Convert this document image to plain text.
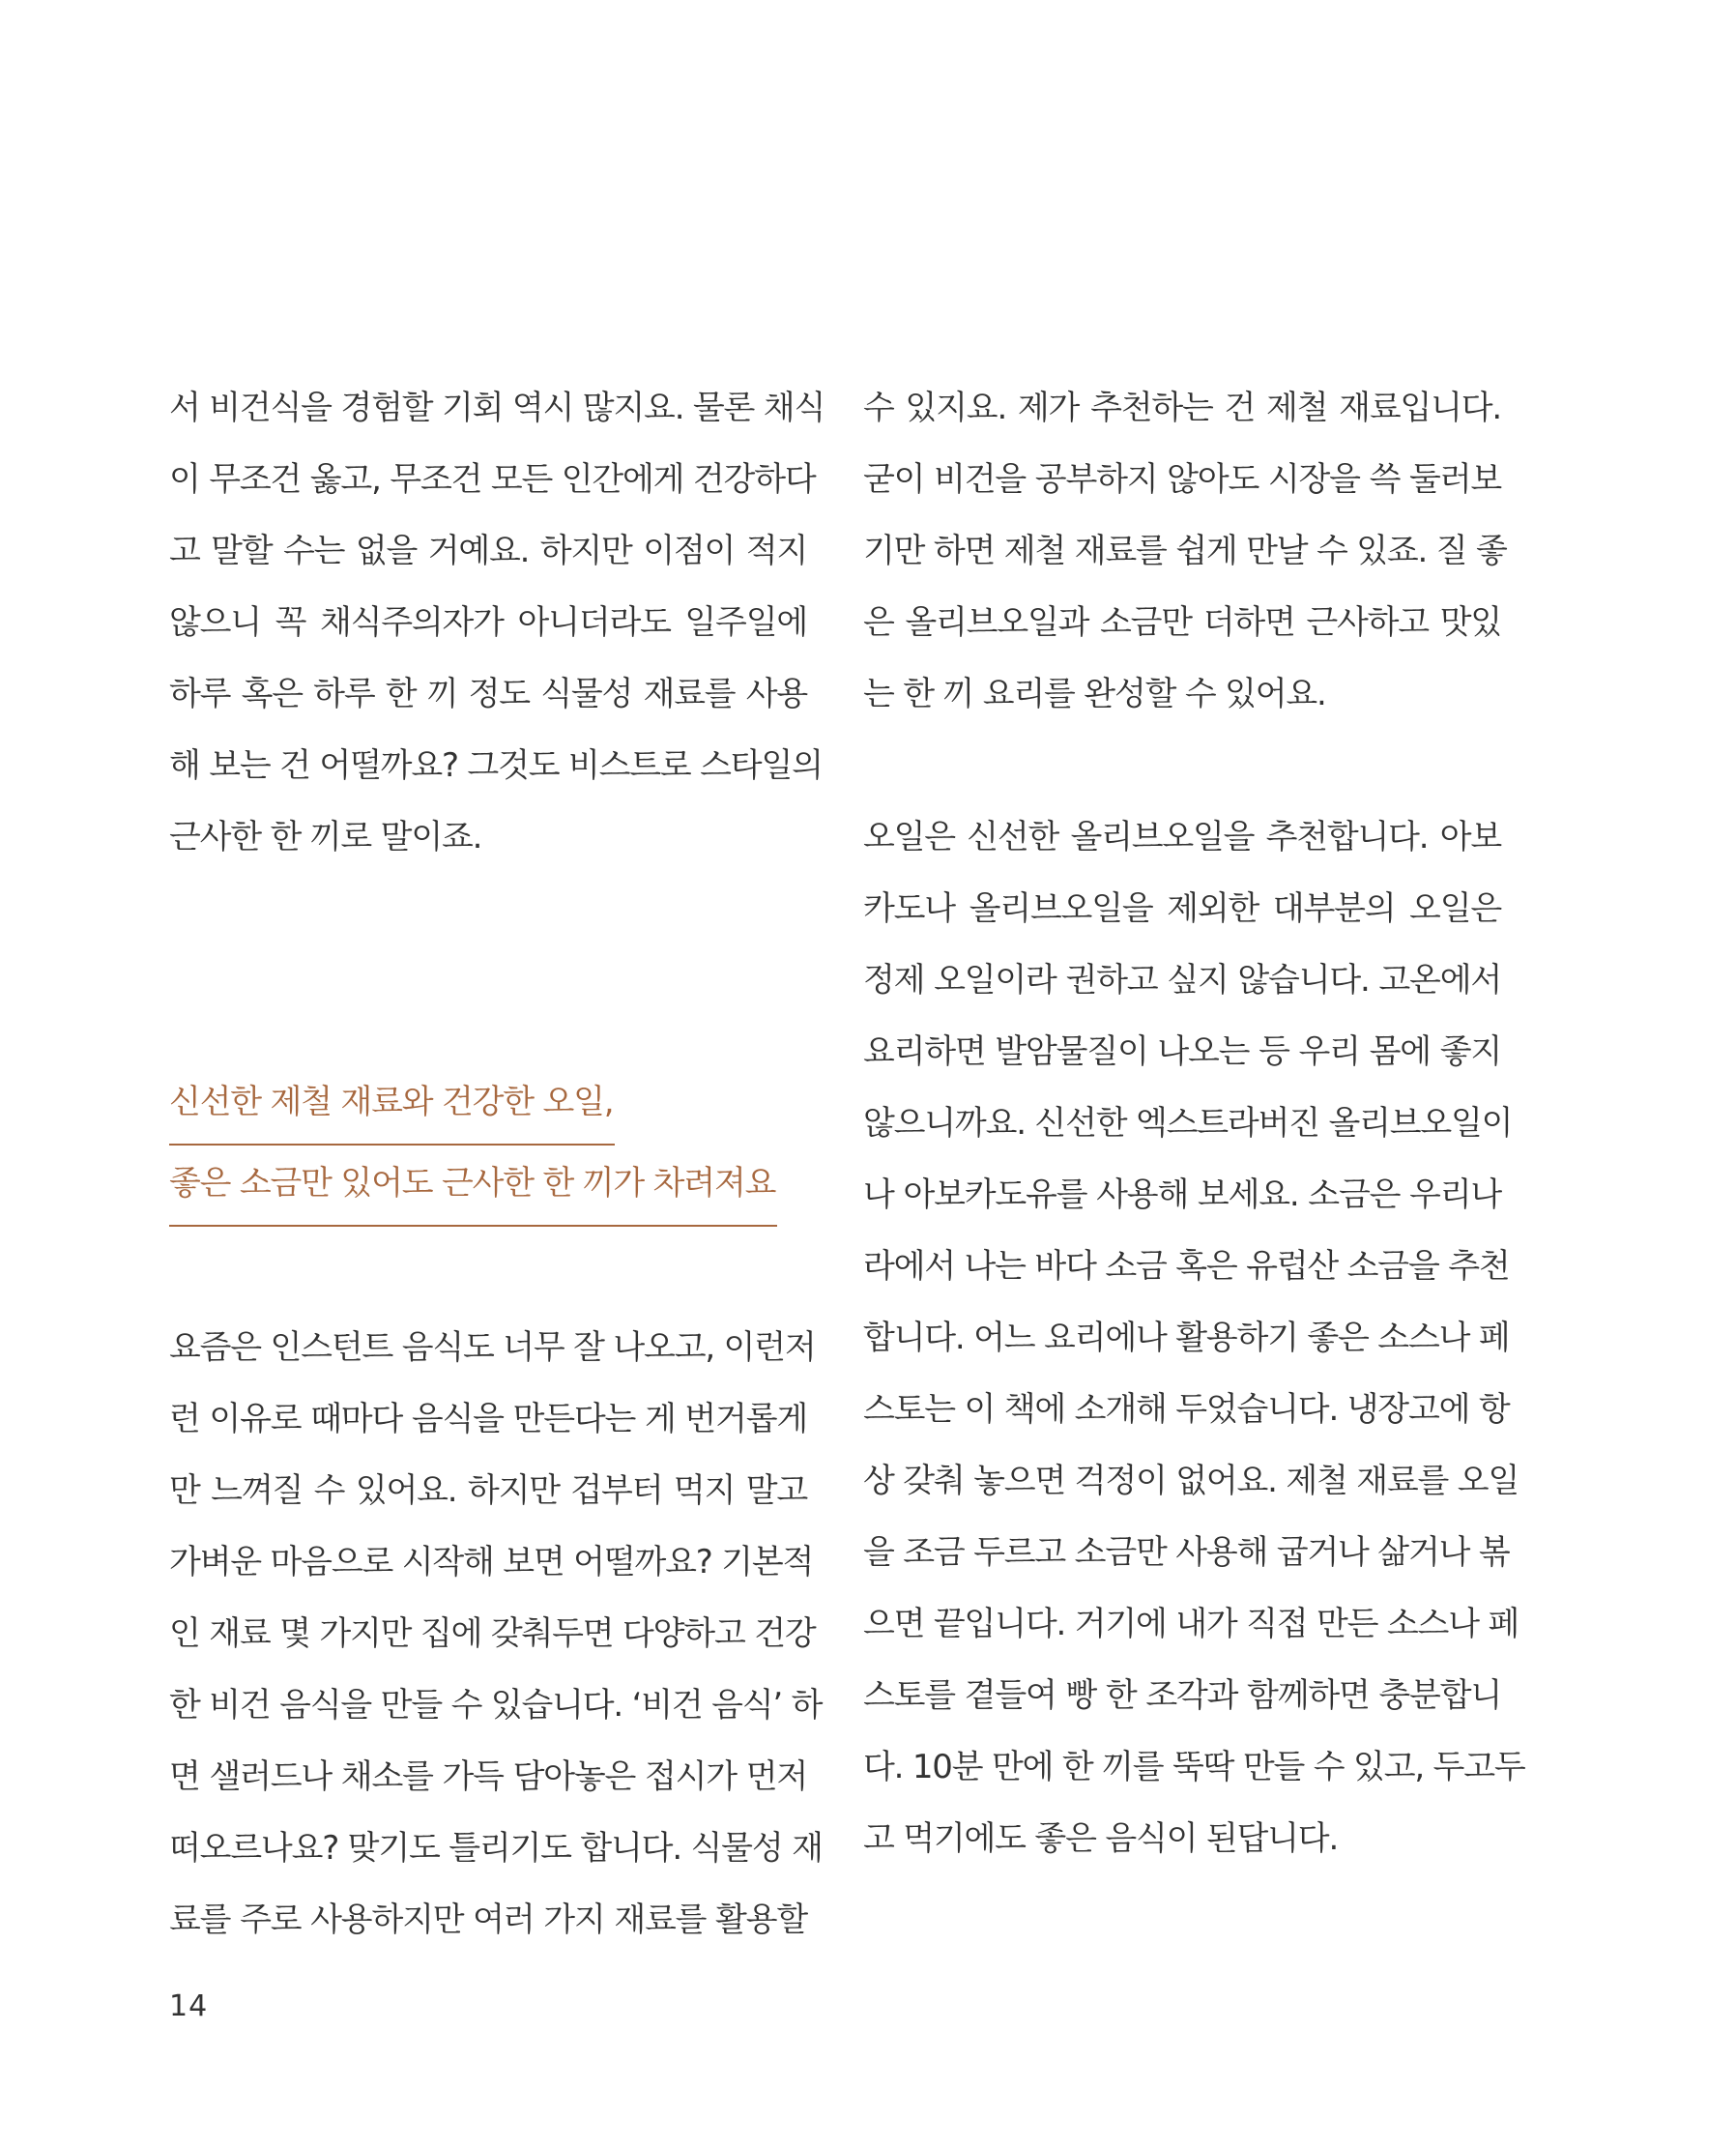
서 비건식을 경험할 기회 역시 많지요. 물론 채식
이 무조건 옳고, 무조건 모든 인간에게 건강하다
고 말할 수는 없을 거예요. 하지만 이점이 적지
않으니 꼭 채식주의자가 아니더라도 일주일에
하루 혹은 하루 한 끼 정도 식물성 재료를 사용
해 보는 건 어떨까요? 그것도 비스트로 스타일의
근사한 한 끼로 말이죠.
신선한 제철 재료와 건강한 오일,
좋은 소금만 있어도 근사한 한 끼가 차려져요
요즘은 인스턴트 음식도 너무 잘 나오고, 이런저
런 이유로 때마다 음식을 만든다는 게 번거롭게
만 느껴질 수 있어요. 하지만 겁부터 먹지 말고
가벼운 마음으로 시작해 보면 어떨까요? 기본적
인 재료 몇 가지만 집에 갖춰두면 다양하고 건강
한 비건 음식을 만들 수 있습니다. ‘비건 음식’ 하
면 샐러드나 채소를 가득 담아놓은 접시가 먼저
떠오르나요? 맞기도 틀리기도 합니다. 식물성 재
료를 주로 사용하지만 여러 가지 재료를 활용할
수 있지요. 제가 추천하는 건 제철 재료입니다.
굳이 비건을 공부하지 않아도 시장을 쓱 둘러보
기만 하면 제철 재료를 쉽게 만날 수 있죠. 질 좋
은 올리브오일과 소금만 더하면 근사하고 맛있
는 한 끼 요리를 완성할 수 있어요.
오일은 신선한 올리브오일을 추천합니다. 아보
카도나 올리브오일을 제외한 대부분의 오일은
정제 오일이라 권하고 싶지 않습니다. 고온에서
요리하면 발암물질이 나오는 등 우리 몸에 좋지
않으니까요. 신선한 엑스트라버진 올리브오일이
나 아보카도유를 사용해 보세요. 소금은 우리나
라에서 나는 바다 소금 혹은 유럽산 소금을 추천
합니다. 어느 요리에나 활용하기 좋은 소스나 페
스토는 이 책에 소개해 두었습니다. 냉장고에 항
상 갖춰 놓으면 걱정이 없어요. 제철 재료를 오일
을 조금 두르고 소금만 사용해 굽거나 삶거나 볶
으면 끝입니다. 거기에 내가 직접 만든 소스나 페
스토를 곁들여 빵 한 조각과 함께하면 충분합니
다. 10분 만에 한 끼를 뚝딱 만들 수 있고, 두고두
고 먹기에도 좋은 음식이 된답니다.
14
